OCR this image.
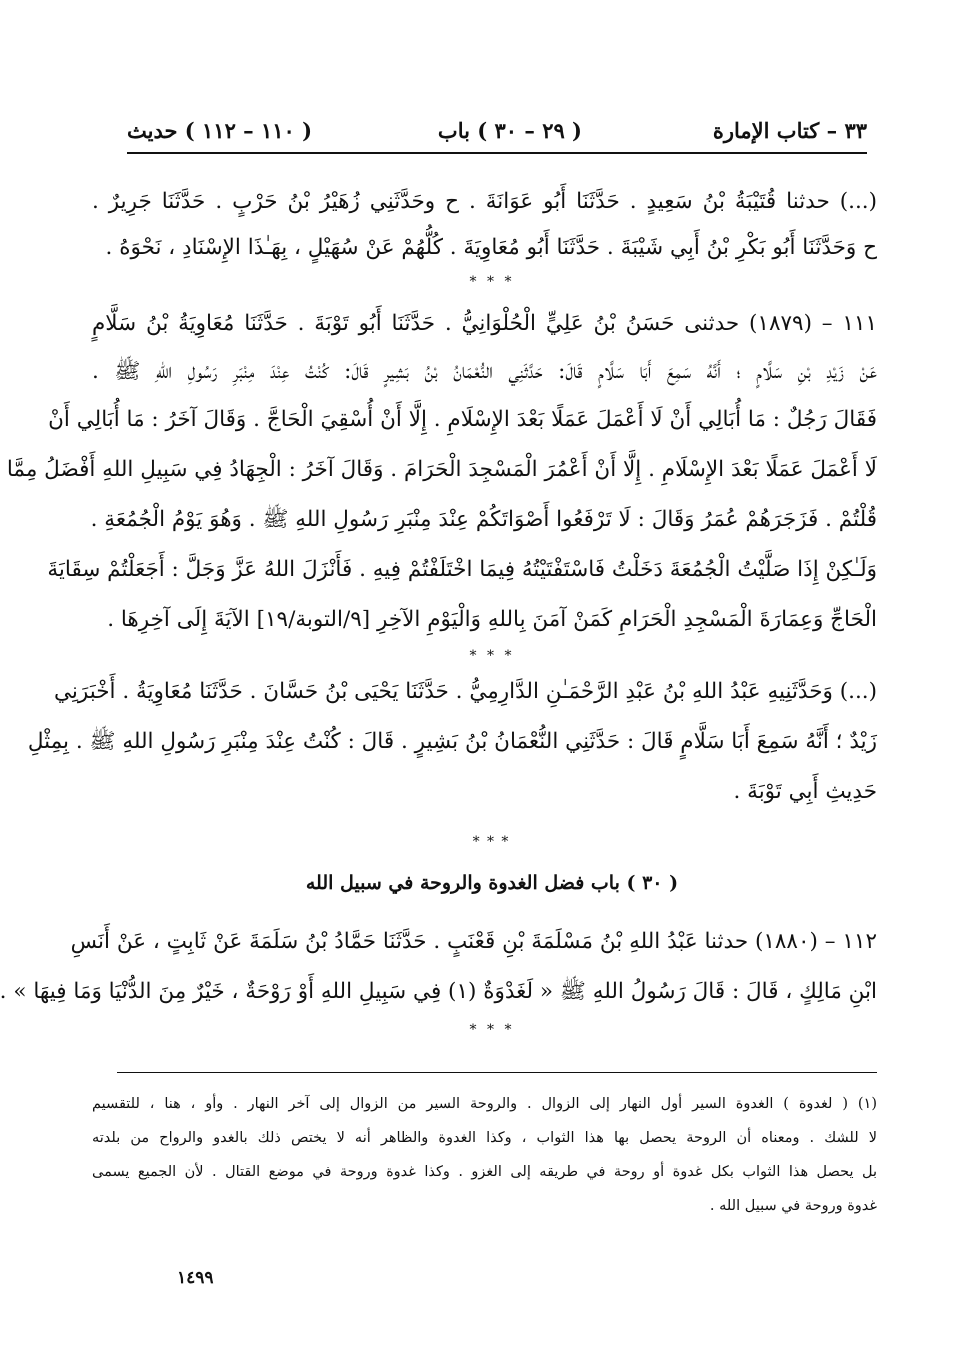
٣٣ – كتاب الإمارة
( ٢٩ – ٣٠ ) باب
( ١١٠ – ١١٢ ) حديث
(...) حدثنا قُتَيْبَةُ بْنُ سَعِيدٍ . حَدَّثَنَا أَبُو عَوَانَةَ . ح وحَدَّثَنِي زُهَيْرُ بْنُ حَرْبٍ . حَدَّثَنَا جَرِيرٌ .
ح وَحَدَّثَنَا أَبُو بَكْرِ بْنُ أَبِي شَيْبَةَ . حَدَّثَنَا أَبُو مُعَاوِيَةَ . كُلُّهُمْ عَنْ سُهَيْلٍ ، بِهَـٰذَا الإِسْنَادِ ، نَحْوَهُ .
* * *
١١١ – (١٨٧٩) حدثنى حَسَنُ بْنُ عَلِيٍّ الْحُلْوَانِيُّ . حَدَّثَنَا أَبُو تَوْبَةَ . حَدَّثَنَا مُعَاوِيَةُ بْنُ سَلَّامٍ
عَنْ زَيْدِ بْنِ سَلَّامٍ ؛ أَنَّهُ سَمِعَ أَبَا سَلَّامٍ قَالَ: حَدَّثَنِي النُّعْمَانُ بْنُ بَشِيرٍ قَالَ: كُنْتُ عِنْدَ مِنْبَرِ رَسُولِ اللهِ ﷺ .
فَقَالَ رَجُلٌ : مَا أُبَالِي أَنْ لَا أَعْمَلَ عَمَلًا بَعْدَ الإِسْلَامِ . إِلَّا أَنْ أُسْقِيَ الْحَاجَّ . وَقَالَ آخَرُ : مَا أُبَالِي أَنْ
لَا أَعْمَلَ عَمَلًا بَعْدَ الإِسْلَامِ . إِلَّا أَنْ أَعْمُرَ الْمَسْجِدَ الْحَرَامَ . وَقَالَ آخَرُ : الْجِهَادُ فِي سَبِيلِ اللهِ أَفْضَلُ مِمَّا
قُلْتُمْ . فَزَجَرَهُمْ عُمَرُ وَقَالَ : لَا تَرْفَعُوا أَصْوَاتَكُمْ عِنْدَ مِنْبَرِ رَسُولِ اللهِ ﷺ . وَهُوَ يَوْمُ الْجُمُعَةِ .
وَلَـٰكِنْ إِذَا صَلَّيْتُ الْجُمُعَةَ دَخَلْتُ فَاسْتَفْتَيْتُهُ فِيمَا اخْتَلَفْتُمْ فِيهِ . فَأَنْزَلَ اللهُ عَزَّ وَجَلَّ : أَجَعَلْتُمْ سِقَايَةَ
الْحَاجِّ وَعِمَارَةَ الْمَسْجِدِ الْحَرَامِ كَمَنْ آمَنَ بِاللهِ وَالْيَوْمِ الآخِرِ [٩/التوبة/١٩] الآيَةَ إِلَى آخِرِهَا .
* * *
(...) وَحَدَّثَنِيهِ عَبْدُ اللهِ بْنُ عَبْدِ الرَّحْمَـٰنِ الدَّارِمِيُّ . حَدَّثَنَا يَحْيَى بْنُ حَسَّانَ . حَدَّثَنَا مُعَاوِيَةُ . أَخْبَرَنِي
زَيْدٌ ؛ أَنَّهُ سَمِعَ أَبَا سَلَّامٍ قَالَ : حَدَّثَنِي النُّعْمَانُ بْنُ بَشِيرٍ . قَالَ : كُنْتُ عِنْدَ مِنْبَرِ رَسُولِ اللهِ ﷺ . بِمِثْلِ
حَدِيثِ أَبِي تَوْبَةَ .
* * *
( ٣٠ ) باب فضل الغدوة والروحة في سبيل الله
١١٢ – (١٨٨٠) حدثنا عَبْدُ اللهِ بْنُ مَسْلَمَةَ بْنِ قَعْنَبٍ . حَدَّثَنَا حَمَّادُ بْنُ سَلَمَةَ عَنْ ثَابِتٍ ، عَنْ أَنَسِ
ابْنِ مَالِكٍ ، قَالَ : قَالَ رَسُولُ اللهِ ﷺ « لَغَدْوَةٌ (١) فِي سَبِيلِ اللهِ أَوْ رَوْحَةٌ ، خَيْرٌ مِنَ الدُّنْيَا وَمَا فِيهَا » .
* * *
(١) ( لغدوة ) الغدوة السير أول النهار إلى الزوال . والروحة السير من الزوال إلى آخر النهار . وأو ، هنا ، للتقسيم
لا للشك . ومعناه أن الروحة يحصل بها هذا الثواب ، وكذا الغدوة والظاهر أنه لا يختص ذلك بالغدو والرواح من بلدته
بل يحصل هذا الثواب بكل غدوة أو روحة في طريقه إلى الغزو . وكذا غدوة وروحة في موضع القتال . لأن الجميع يسمى
غدوة وروحة في سبيل الله .
١٤٩٩
